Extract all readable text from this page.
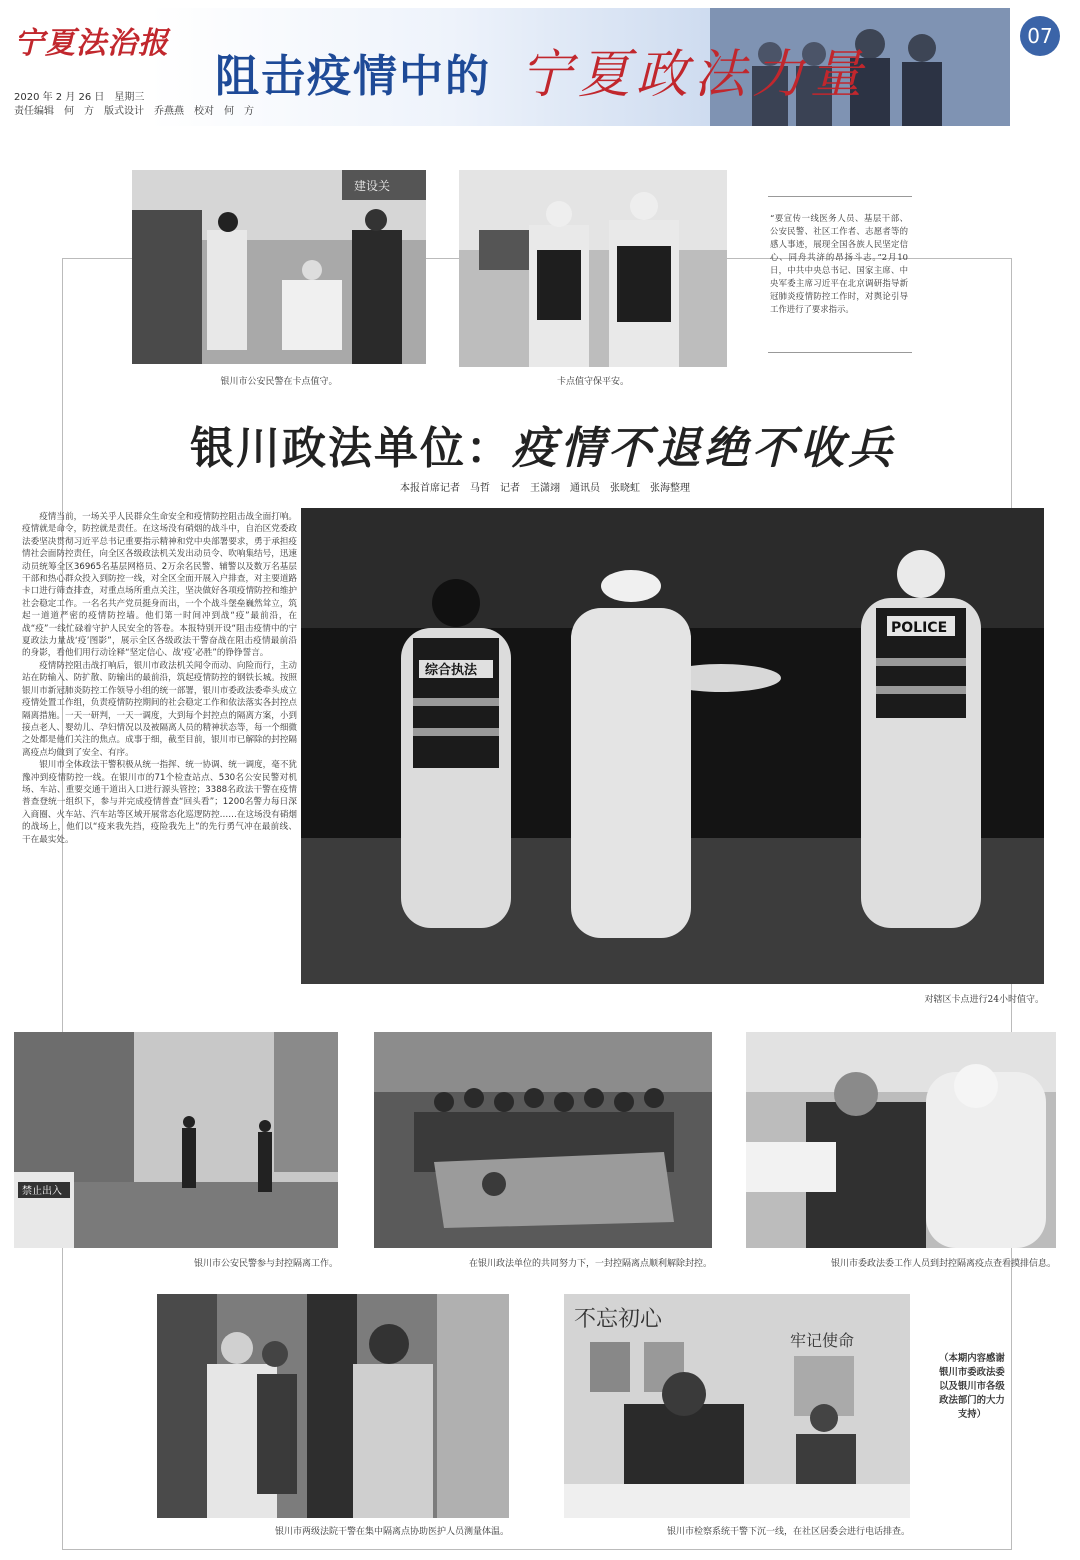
宁夏法治报
2020 年 2 月 26 日　星期三
责任编辑　何　方　版式设计　乔燕燕　校对　何　方
阻击疫情中的 宁夏政法力量
07
建设关
银川市公安民警在卡点值守。	卡点值守保平安。
“要宣传一线医务人员、基层干部、公安民警、社区工作者、志愿者等的感人事迹，展现全国各族人民坚定信心、同舟共济的昂扬斗志。”2月10日，中共中央总书记、国家主席、中央军委主席习近平在北京调研指导新冠肺炎疫情防控工作时，对舆论引导工作进行了要求指示。
银川政法单位：疫情不退绝不收兵
本报首席记者　马哲　记者　王潇翊　通讯员　张晓虹　张海整理

疫情当前，一场关乎人民群众生命安全和疫情防控阻击战全面打响。疫情就是命令，防控就是责任。在这场没有硝烟的战斗中，自治区党委政法委坚决贯彻习近平总书记重要指示精神和党中央部署要求，勇于承担疫情社会面防控责任，向全区各级政法机关发出动员令、吹响集结号，迅速动员统筹全区36965名基层网格员、2万余名民警、辅警以及数万名基层干部和热心群众投入到防控一线，对全区全面开展入户排查，对主要道路卡口进行筛查排查，对重点场所重点关注，坚决做好各项疫情防控和维护社会稳定工作。一名名共产党员挺身而出，一个个战斗堡垒巍然耸立，筑起一道道严密的疫情防控墙。他们第一时间冲到战“疫”最前沿，在战“疫”一线忙碌着守护人民安全的答卷。本报特别开设“阻击疫情中的宁夏政法力量战‘疫’图影”，展示全区各级政法干警奋战在阻击疫情最前沿的身影，看他们用行动诠释“坚定信心、战‘疫’必胜”的铮铮誓言。

疫情防控阻击战打响后，银川市政法机关闻令而动、向险而行，主动站在防输入、防扩散、防输出的最前沿，筑起疫情防控的钢铁长城。按照银川市新冠肺炎防控工作领导小组的统一部署，银川市委政法委牵头成立疫情处置工作组，负责疫情防控期间的社会稳定工作和依法落实各封控点隔离措施。一天一研判，一天一调度，大到每个封控点的隔离方案，小到接点老人、婴幼儿、孕妇情况以及被隔离人员的精神状态等，每一个细微之处都是他们关注的焦点。成事于细，截至目前，银川市已解除的封控隔离疫点均做到了安全、有序。

银川市全体政法干警积极从统一指挥、统一协调、统一调度，毫不犹豫冲到疫情防控一线。在银川市的71个检查站点、530名公安民警对机场、车站、重要交通干道出入口进行源头管控；3388名政法干警在疫情普查登统一组织下，参与并完成疫情普查“回头看”；1200名警力每日深入商圈、火车站、汽车站等区域开展常态化巡逻防控……在这场没有硝烟的战场上，他们以“疫来我先挡，疫险我先上”的先行勇气冲在最前线、干在最实处。

综合执法
POLICE
对辖区卡点进行24小时值守。
禁止出入
银川市公安民警参与封控隔离工作。	在银川政法单位的共同努力下，一封控隔离点顺利解除封控。	银川市委政法委工作人员到封控隔离疫点查看摸排信息。
银川市两级法院干警在集中隔离点协助医护人员测量体温。
不忘初心
牢记使命
银川市检察系统干警下沉一线，在社区居委会进行电话排查。
（本期内容感谢银川市委政法委以及银川市各级政法部门的大力支持）
